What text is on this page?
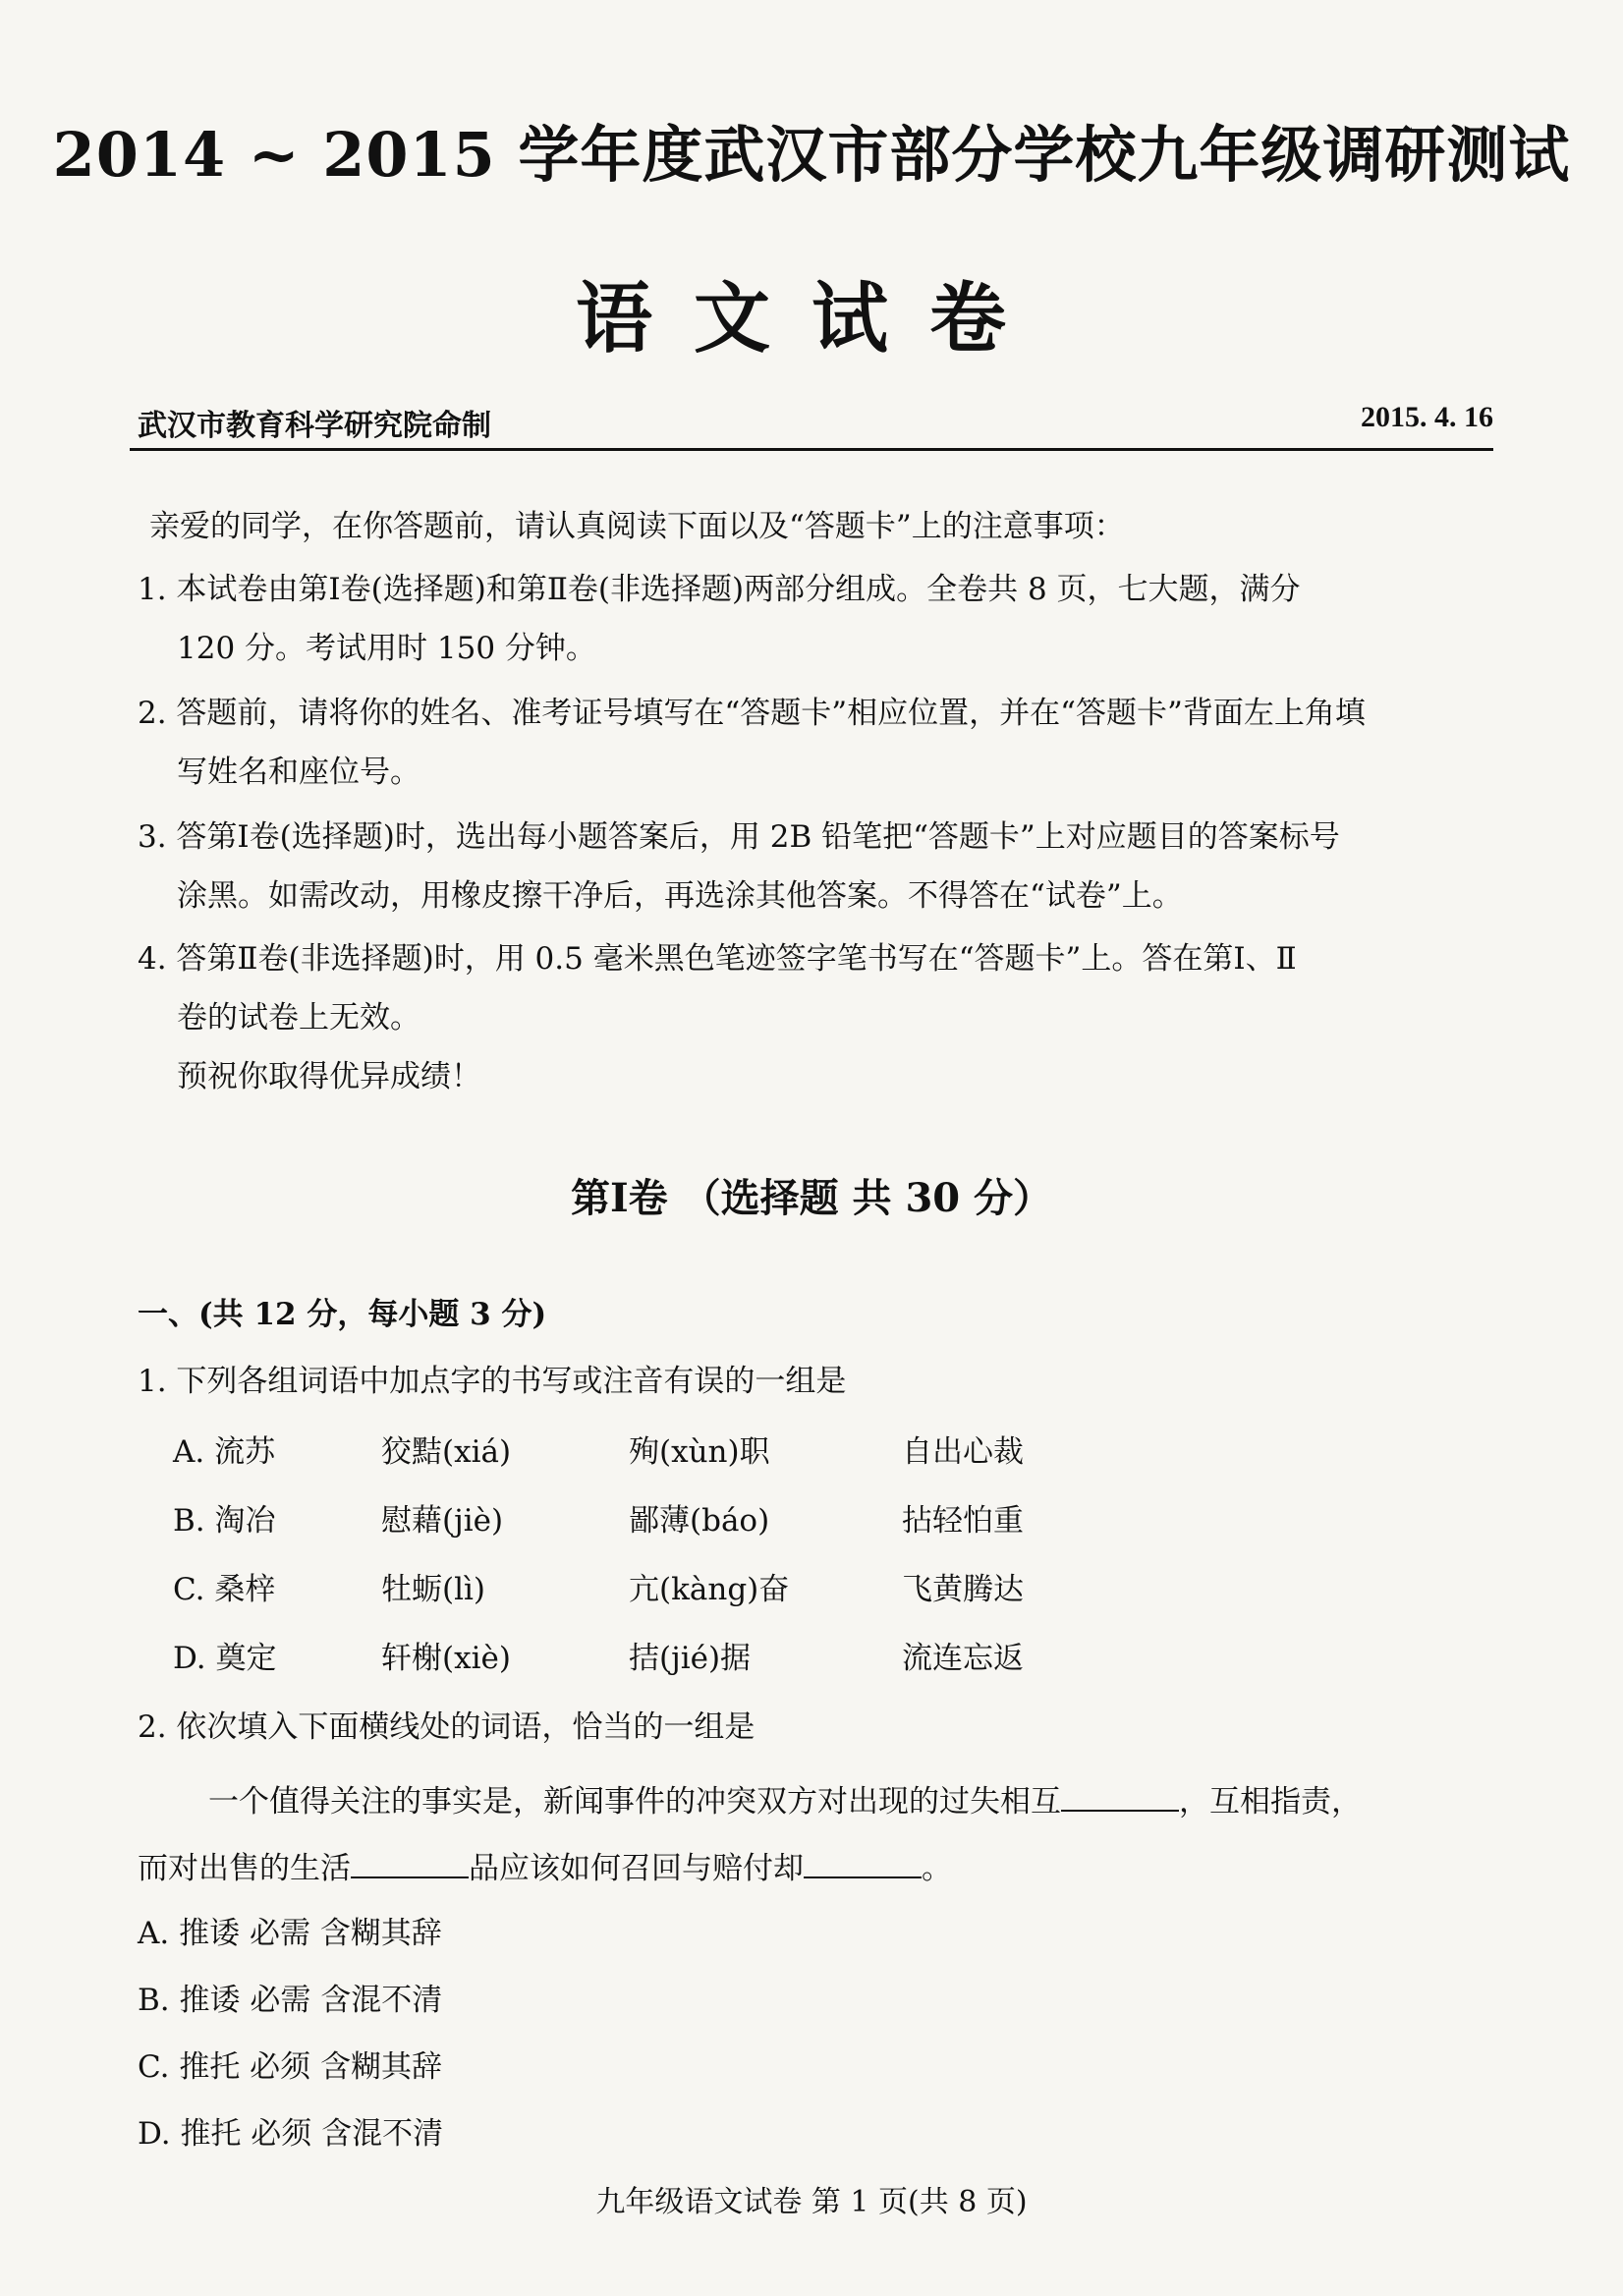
2014 ~ 2015 学年度武汉市部分学校九年级调研测试
语文试卷
武汉市教育科学研究院命制	2015. 4. 16
亲爱的同学，在你答题前，请认真阅读下面以及“答题卡”上的注意事项：
1. 本试卷由第Ⅰ卷(选择题)和第Ⅱ卷(非选择题)两部分组成。全卷共 8 页，七大题，满分
120 分。考试用时 150 分钟。
2. 答题前，请将你的姓名、准考证号填写在“答题卡”相应位置，并在“答题卡”背面左上角填
写姓名和座位号。
3. 答第Ⅰ卷(选择题)时，选出每小题答案后，用 2B 铅笔把“答题卡”上对应题目的答案标号
涂黑。如需改动，用橡皮擦干净后，再选涂其他答案。不得答在“试卷”上。
4. 答第Ⅱ卷(非选择题)时，用 0.5 毫米黑色笔迹签字笔书写在“答题卡”上。答在第Ⅰ、Ⅱ
卷的试卷上无效。
预祝你取得优异成绩！
第Ⅰ卷 （选择题 共 30 分）
一、(共 12 分，每小题 3 分)
1. 下列各组词语中加点字的书写或注音有误的一组是
A. 流苏	狡黠(xiá)	殉(xùn)职	自出心裁
B. 淘冶	慰藉(jiè)	鄙薄(báo)	拈轻怕重
C. 桑梓	牡蛎(lì)	亢(kàng)奋	飞黄腾达
D. 奠定	轩榭(xiè)	拮(jié)据	流连忘返
2. 依次填入下面横线处的词语，恰当的一组是
一个值得关注的事实是，新闻事件的冲突双方对出现的过失相互	，互相指责，
而对出售的生活	品应该如何召回与赔付却	。
A. 推诿 必需 含糊其辞
B. 推诿 必需 含混不清
C. 推托 必须 含糊其辞
D. 推托 必须 含混不清
九年级语文试卷 第 1 页(共 8 页)
